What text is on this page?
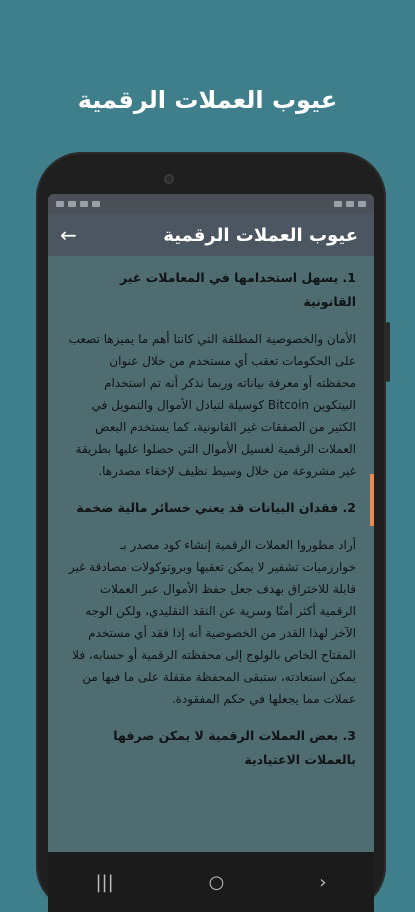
عيوب العملات الرقمية
←	عيوب العملات الرقمية
1. يسهل استخدامها في المعاملات غير القانونية

الأمان والخصوصية المطلقة التي كانتا أهم ما يميزها تصعب على الحكومات تعقب أي مستخدم من خلال عنوان محفظته أو معرفة بياناته وربما نذكر أنه تم استخدام البيتكوين Bitcoin كوسيلة لتبادل الأموال والتمويل في الكثير من الصفقات غير القانونية، كما يستخدم البعض العملات الرقمية لغسيل الأموال التي حصلوا عليها بطريقة غير مشروعة من خلال وسيط نظيف لإخفاء مصدرها.

2. فقدان البيانات قد يعني خسائر مالية ضخمة

أراد مطوروا العملات الرقمية إنشاء كود مصدر بـ خوارزميات تشفير لا يمكن تعقبها وبروتوكولات مصادقة غير قابلة للاختراق بهدف جعل حفظ الأموال عبر العملات الرقمية أكثر أمنًا وسرية عن النقد التقليدي، ولكن الوجه الآخر لهذا القدر من الخصوصية أنه إذا فقد أي مستخدم المفتاح الخاص بالولوج إلى محفظته الرقمية أو حسابه، فلا يمكن استعادته، ستبقى المحفظة مقفلة على ما فيها من عملات مما يجعلها في حكم المفقودة.

3. بعض العملات الرقمية لا يمكن صرفها بالعملات الاعتيادية
|||	○	›
